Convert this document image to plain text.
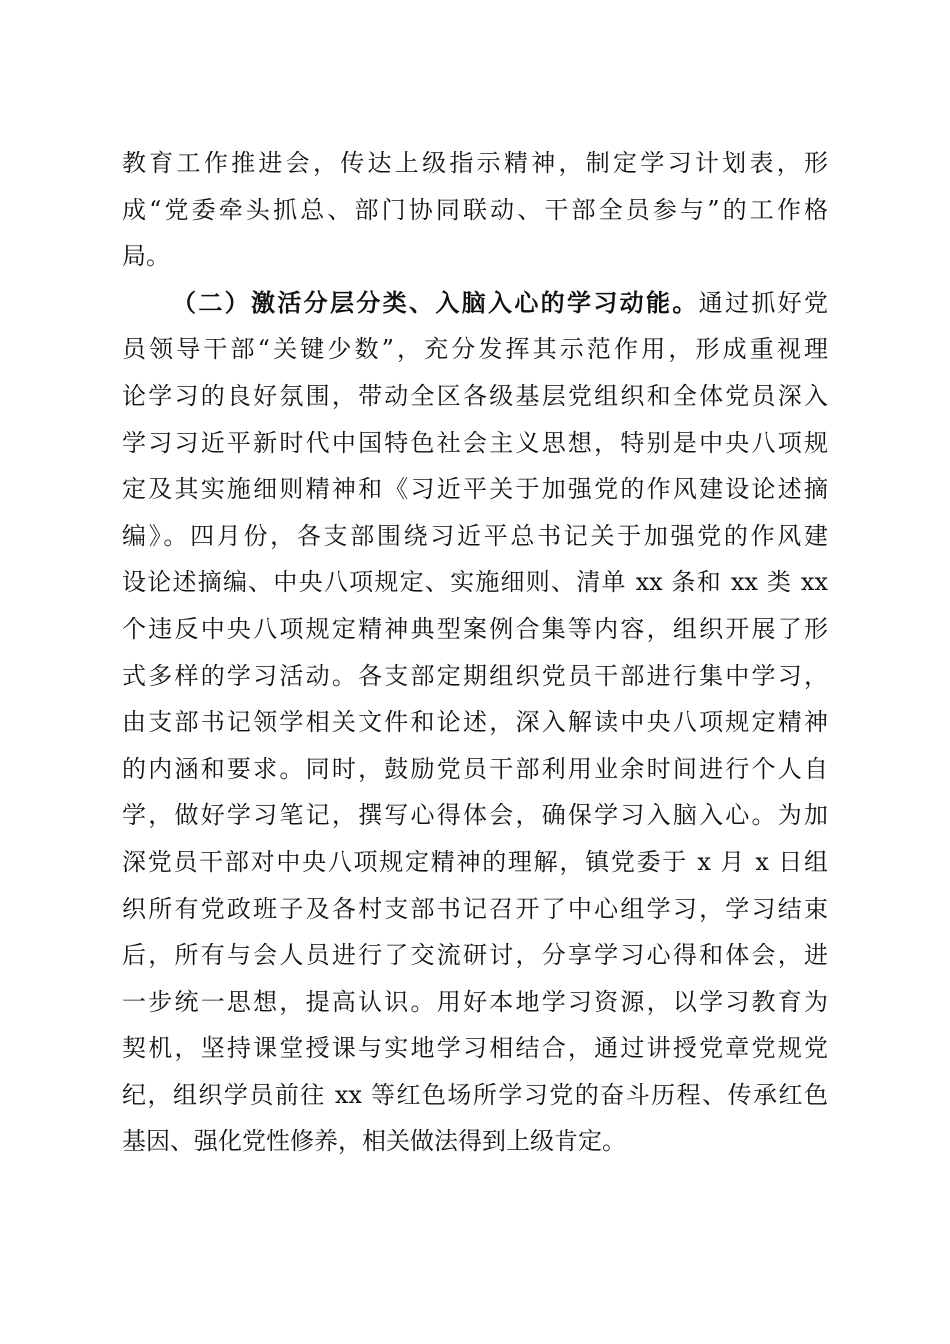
教育工作推进会，传达上级指示精神，制定学习计划表，形
成“党委牵头抓总、部门协同联动、干部全员参与”的工作格
局。
（二）激活分层分类、入脑入心的学习动能。通过抓好党
员领导干部“关键少数”，充分发挥其示范作用，形成重视理
论学习的良好氛围，带动全区各级基层党组织和全体党员深入
学习习近平新时代中国特色社会主义思想，特别是中央八项规
定及其实施细则精神和《习近平关于加强党的作风建设论述摘
编》。四月份，各支部围绕习近平总书记关于加强党的作风建
设论述摘编、中央八项规定、实施细则、清单 xx 条和 xx 类 xx
个违反中央八项规定精神典型案例合集等内容，组织开展了形
式多样的学习活动。各支部定期组织党员干部进行集中学习，
由支部书记领学相关文件和论述，深入解读中央八项规定精神
的内涵和要求。同时，鼓励党员干部利用业余时间进行个人自
学，做好学习笔记，撰写心得体会，确保学习入脑入心。为加
深党员干部对中央八项规定精神的理解，镇党委于 x 月 x 日组
织所有党政班子及各村支部书记召开了中心组学习，学习结束
后，所有与会人员进行了交流研讨，分享学习心得和体会，进
一步统一思想，提高认识。用好本地学习资源，以学习教育为
契机，坚持课堂授课与实地学习相结合，通过讲授党章党规党
纪，组织学员前往 xx 等红色场所学习党的奋斗历程、传承红色
基因、强化党性修养，相关做法得到上级肯定。
